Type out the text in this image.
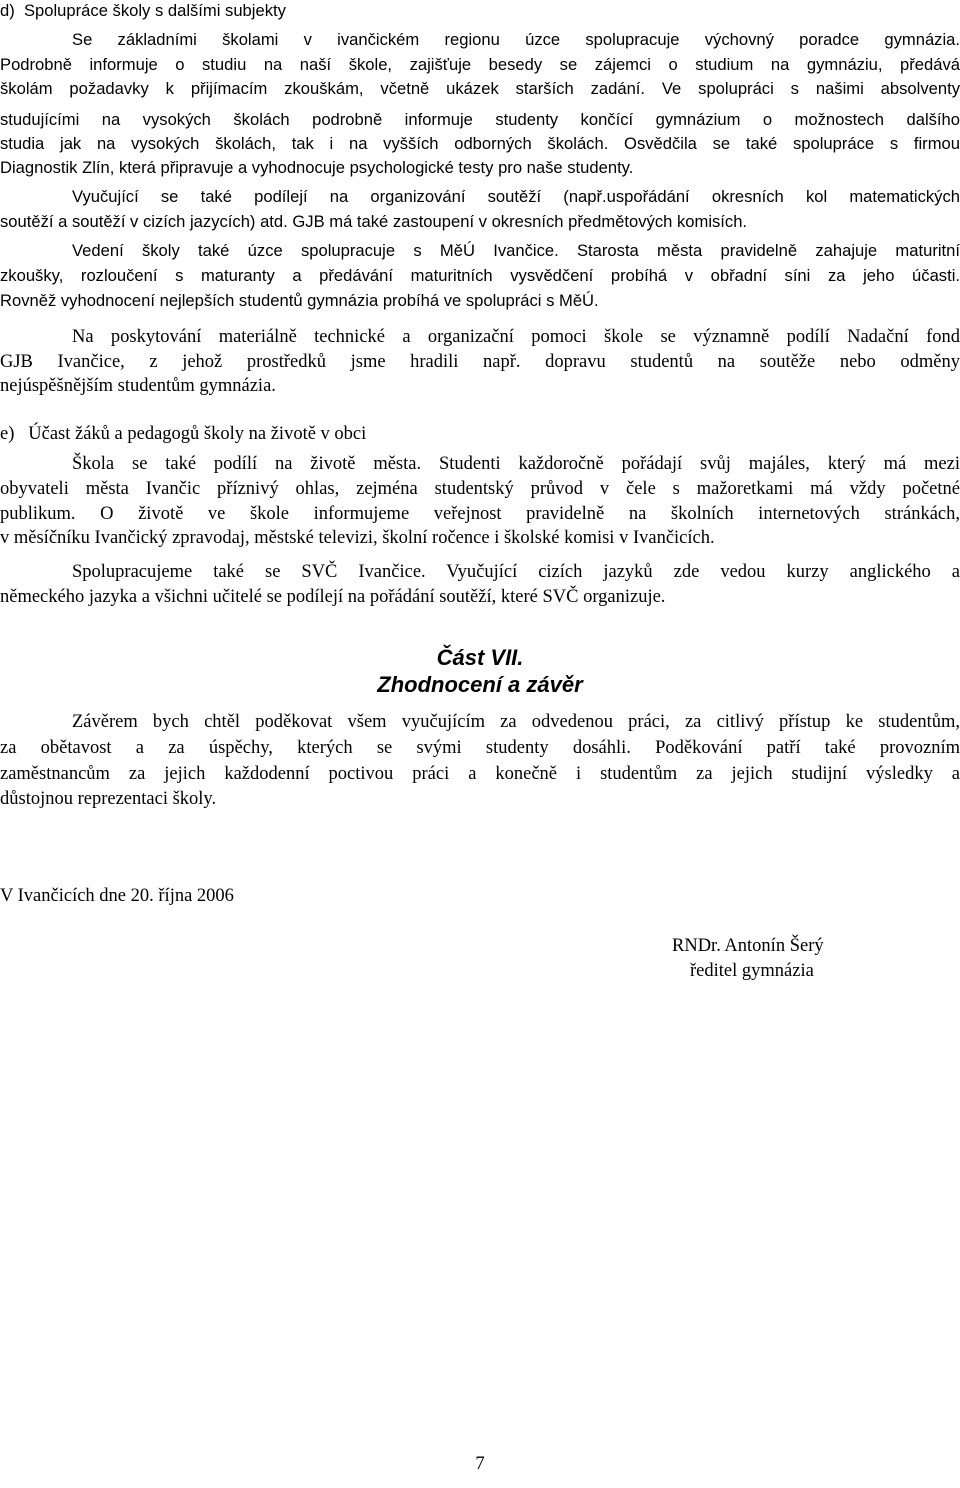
d)  Spolupráce školy s dalšími subjekty
Se základními školami v ivančickém regionu úzce spolupracuje výchovný poradce gymnázia.
Podrobně informuje o studiu na naší škole, zajišťuje besedy se zájemci o studium na gymnáziu, předává
školám požadavky k přijímacím zkouškám, včetně ukázek starších zadání. Ve spolupráci s našimi absolventy
studujícími na vysokých školách podrobně informuje studenty končící gymnázium o možnostech dalšího
studia jak na vysokých školách, tak i na vyšších odborných školách. Osvědčila se také spolupráce s firmou
Diagnostik Zlín, která připravuje a vyhodnocuje psychologické testy pro naše studenty.
Vyučující se také podílejí na organizování soutěží (např.uspořádání okresních kol matematických
soutěží a soutěží v cizích jazycích) atd. GJB má také zastoupení v okresních předmětových komisích.
Vedení školy také úzce spolupracuje s MěÚ Ivančice. Starosta města pravidelně zahajuje maturitní
zkoušky, rozloučení s maturanty a předávání maturitních vysvědčení probíhá v obřadní síni za jeho účasti.
Rovněž vyhodnocení nejlepších studentů gymnázia probíhá ve spolupráci s MěÚ.
Na poskytování materiálně technické a organizační pomoci škole se významně podílí Nadační fond
GJB Ivančice, z jehož prostředků jsme hradili např. dopravu studentů na soutěže nebo odměny
nejúspěšnějším studentům gymnázia.
e)   Účast žáků a pedagogů školy na životě v obci
Škola se také podílí na životě města. Studenti každoročně pořádají svůj majáles, který má mezi
obyvateli města Ivančic příznivý ohlas, zejména studentský průvod v čele s mažoretkami má vždy početné
publikum. O životě ve škole informujeme veřejnost pravidelně na školních internetových stránkách,
v měsíčníku Ivančický zpravodaj, městské televizi, školní ročence i školské komisi v Ivančicích.
Spolupracujeme také se SVČ Ivančice. Vyučující cizích jazyků zde vedou kurzy anglického a
německého jazyka a všichni učitelé se podílejí na pořádání soutěží, které SVČ organizuje.
Část VII.
Zhodnocení a závěr
Závěrem bych chtěl poděkovat všem vyučujícím za odvedenou práci, za citlivý přístup ke studentům,
za obětavost a za úspěchy, kterých se svými studenty dosáhli. Poděkování patří také provozním
zaměstnancům za jejich každodenní poctivou práci a konečně i studentům za jejich studijní výsledky a
důstojnou reprezentaci školy.
V Ivančicích dne 20. října 2006
RNDr. Antonín Šerý
ředitel gymnázia
7
